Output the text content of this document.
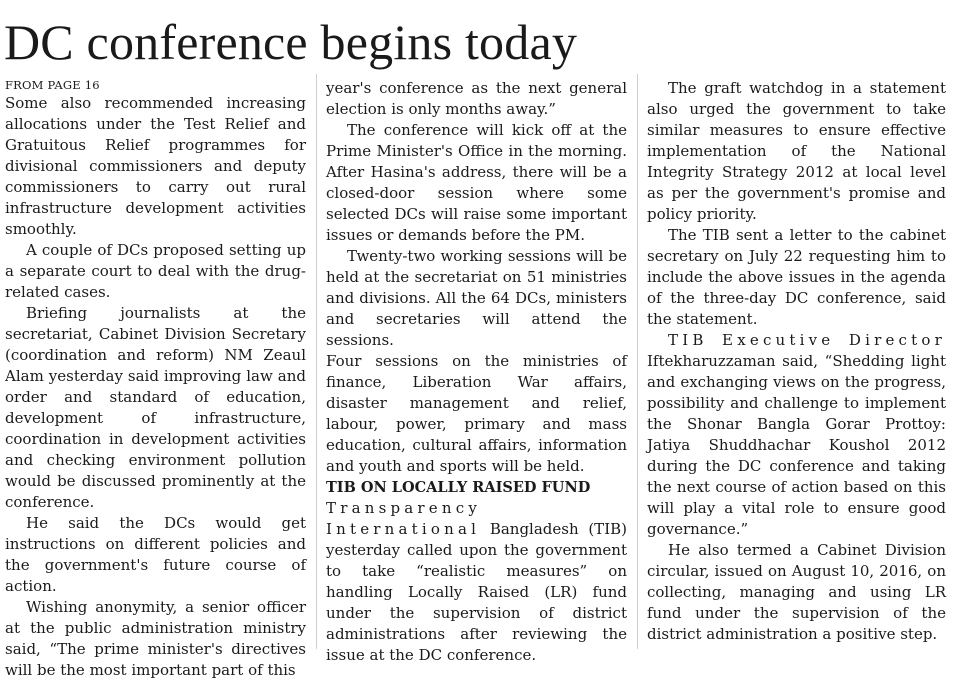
DC conference begins today
FROM PAGE 16

Some also recommended increasing allocations under the Test Relief and Gratuitous Relief programmes for divisional commissioners and deputy commissioners to carry out rural infrastructure development activities smoothly.

A couple of DCs proposed setting up a separate court to deal with the drug-related cases.

Briefing journalists at the secretariat, Cabinet Division Secretary (coordination and reform) NM Zeaul Alam yesterday said improving law and order and standard of education, development of infrastructure, coordination in development activities and checking environment pollution would be discussed prominently at the conference.

He said the DCs would get instructions on different policies and the government's future course of action.

Wishing anonymity, a senior officer at the public administration ministry said, “The prime minister's directives will be the most important part of this

year's conference as the next general election is only months away.”

The conference will kick off at the Prime Minister's Office in the morning. After Hasina's address, there will be a closed-door session where some selected DCs will raise some important issues or demands before the PM.

Twenty-two working sessions will be held at the secretariat on 51 ministries and divisions. All the 64 DCs, ministers and secretaries will attend the sessions.

Four sessions on the ministries of finance, Liberation War affairs, disaster management and relief, labour, power, primary and mass education, cultural affairs, information and youth and sports will be held.

TIB ON LOCALLY RAISED FUND

Transparency International Bangladesh (TIB) yesterday called upon the government to take “realistic measures” on handling Locally Raised (LR) fund under the supervision of district administrations after reviewing the issue at the DC conference.

The graft watchdog in a statement also urged the government to take similar measures to ensure effective implementation of the National Integrity Strategy 2012 at local level as per the government's promise and policy priority.

The TIB sent a letter to the cabinet secretary on July 22 requesting him to include the above issues in the agenda of the three-day DC conference, said the statement.

TIB Executive Director Iftekharuzzaman said, “Shedding light and exchanging views on the progress, possibility and challenge to implement the Shonar Bangla Gorar Prottoy: Jatiya Shuddhachar Koushol 2012 during the DC conference and taking the next course of action based on this will play a vital role to ensure good governance.”

He also termed a Cabinet Division circular, issued on August 10, 2016, on collecting, managing and using LR fund under the supervision of the district administration a positive step.
